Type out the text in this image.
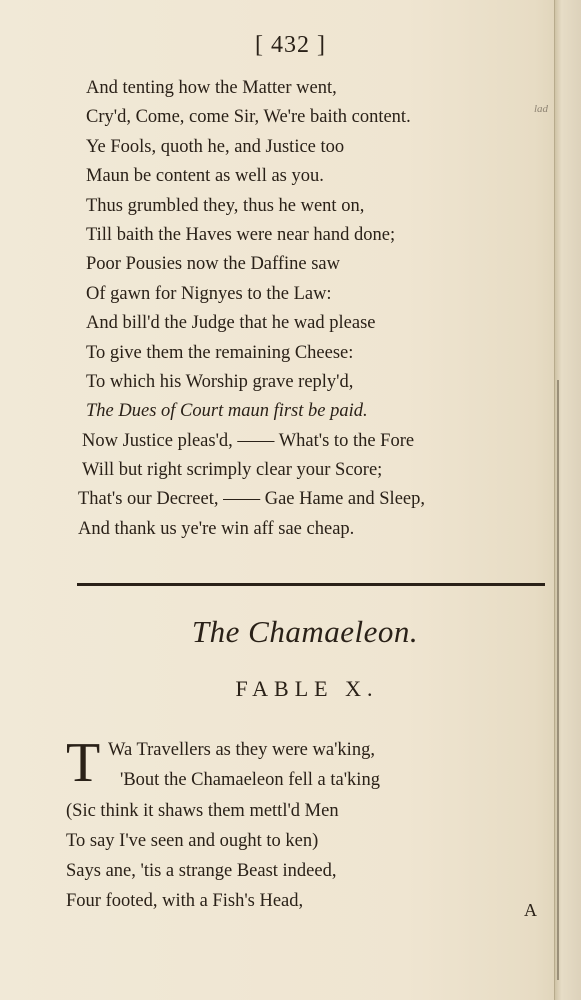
[ 432 ]
lad
And tenting how the Matter went,
Cry'd, Come, come Sir, We're baith content.
Ye Fools, quoth he, and Justice too
Maun be content as well as you.
Thus grumbled they, thus he went on,
Till baith the Haves were near hand done;
Poor Pousies now the Daffine saw
Of gawn for Nignyes to the Law:
And bill'd the Judge that he wad please
To give them the remaining Cheese:
To which his Worship grave reply'd,
The Dues of Court maun first be paid.
Now Justice pleas'd, —— What's to the Fore
Will but right scrimply clear your Score;
That's our Decreet, —— Gae Hame and Sleep,
And thank us ye're win aff sae cheap.
The Chamaeleon.
FABLE X.
T Wa Travellers as they were wa'king,
'Bout the Chamaeleon fell a ta'king
(Sic think it shaws them mettl'd Men
To say I've seen and ought to ken)
Says ane, 'tis a strange Beast indeed,
Four footed, with a Fish's Head,	A
